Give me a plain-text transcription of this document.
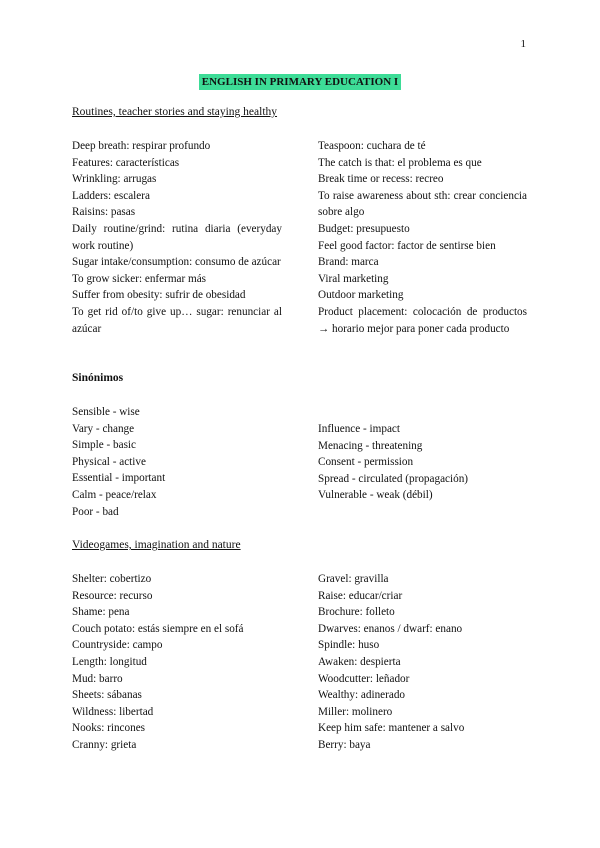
1
ENGLISH IN PRIMARY EDUCATION I
Routines, teacher stories and staying healthy
Deep breath: respirar profundo
Features: características
Wrinkling: arrugas
Ladders: escalera
Raisins: pasas
Daily routine/grind: rutina diaria (everyday work routine)
Sugar intake/consumption: consumo de azúcar
To grow sicker: enfermar más
Suffer from obesity: sufrir de obesidad
To get rid of/to give up… sugar: renunciar al azúcar
Teaspoon: cuchara de té
The catch is that: el problema es que
Break time or recess: recreo
To raise awareness about sth: crear conciencia sobre algo
Budget: presupuesto
Feel good factor: factor de sentirse bien
Brand: marca
Viral marketing
Outdoor marketing
Product placement: colocación de productos → horario mejor para poner cada producto
Sinónimos
Sensible - wise
Vary - change
Simple - basic
Physical - active
Essential - important
Calm - peace/relax
Poor - bad
Influence - impact
Menacing - threatening
Consent - permission
Spread - circulated (propagación)
Vulnerable - weak (débil)
Videogames, imagination and nature
Shelter: cobertizo
Resource: recurso
Shame: pena
Couch potato: estás siempre en el sofá
Countryside: campo
Length: longitud
Mud: barro
Sheets: sábanas
Wildness: libertad
Nooks: rincones
Cranny: grieta
Gravel: gravilla
Raise: educar/criar
Brochure: folleto
Dwarves: enanos / dwarf: enano
Spindle: huso
Awaken: despierta
Woodcutter: leñador
Wealthy: adinerado
Miller: molinero
Keep him safe: mantener a salvo
Berry: baya
